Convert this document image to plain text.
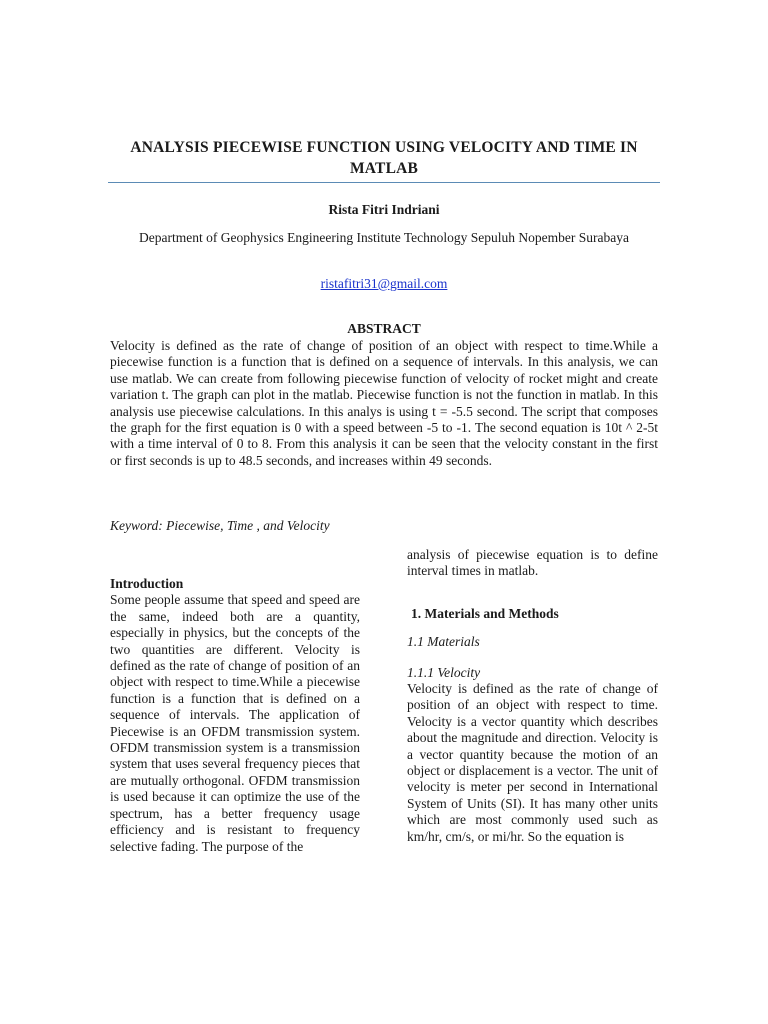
ANALYSIS PIECEWISE FUNCTION USING VELOCITY AND TIME IN MATLAB
Rista Fitri Indriani
Department of Geophysics Engineering Institute Technology Sepuluh Nopember Surabaya
ristafitri31@gmail.com
ABSTRACT

Velocity is defined as the rate of change of position of an object with respect to time.While a piecewise function is a function that is defined on a sequence of intervals. In this analysis, we can use matlab. We can create from following piecewise function of velocity of rocket might and create variation t. The graph can plot in the matlab. Piecewise function is not the function in matlab. In this analysis use piecewise calculations. In this analys is using t = -5.5 second. The script that composes the graph for the first equation is 0 with a speed between -5 to -1. The second equation is 10t ^ 2-5t with a time interval of 0 to 8. From this analysis it can be seen that the velocity constant in the first or first seconds is up to 48.5 seconds, and increases within 49 seconds.

Keyword: Piecewise, Time , and Velocity

Introduction

Some people assume that speed and speed are the same, indeed both are a quantity, especially in physics, but the concepts of the two quantities are different. Velocity is defined as the rate of change of position of an object with respect to time.While a piecewise function is a function that is defined on a sequence of intervals. The application of Piecewise is an OFDM transmission system. OFDM transmission system is a transmission system that uses several frequency pieces that are mutually orthogonal. OFDM transmission is used because it can optimize the use of the spectrum, has a better frequency usage efficiency and is resistant to frequency selective fading. The purpose of the

analysis of piecewise equation is to define interval times in matlab.

1. Materials and Methods

1.1 Materials

1.1.1 Velocity

Velocity is defined as the rate of change of position of an object with respect to time. Velocity is a vector quantity which describes about the magnitude and direction. Velocity is a vector quantity because the motion of an object or displacement is a vector. The unit of velocity is meter per second in International System of Units (SI). It has many other units which are most commonly used such as km/hr, cm/s, or mi/hr. So the equation is
